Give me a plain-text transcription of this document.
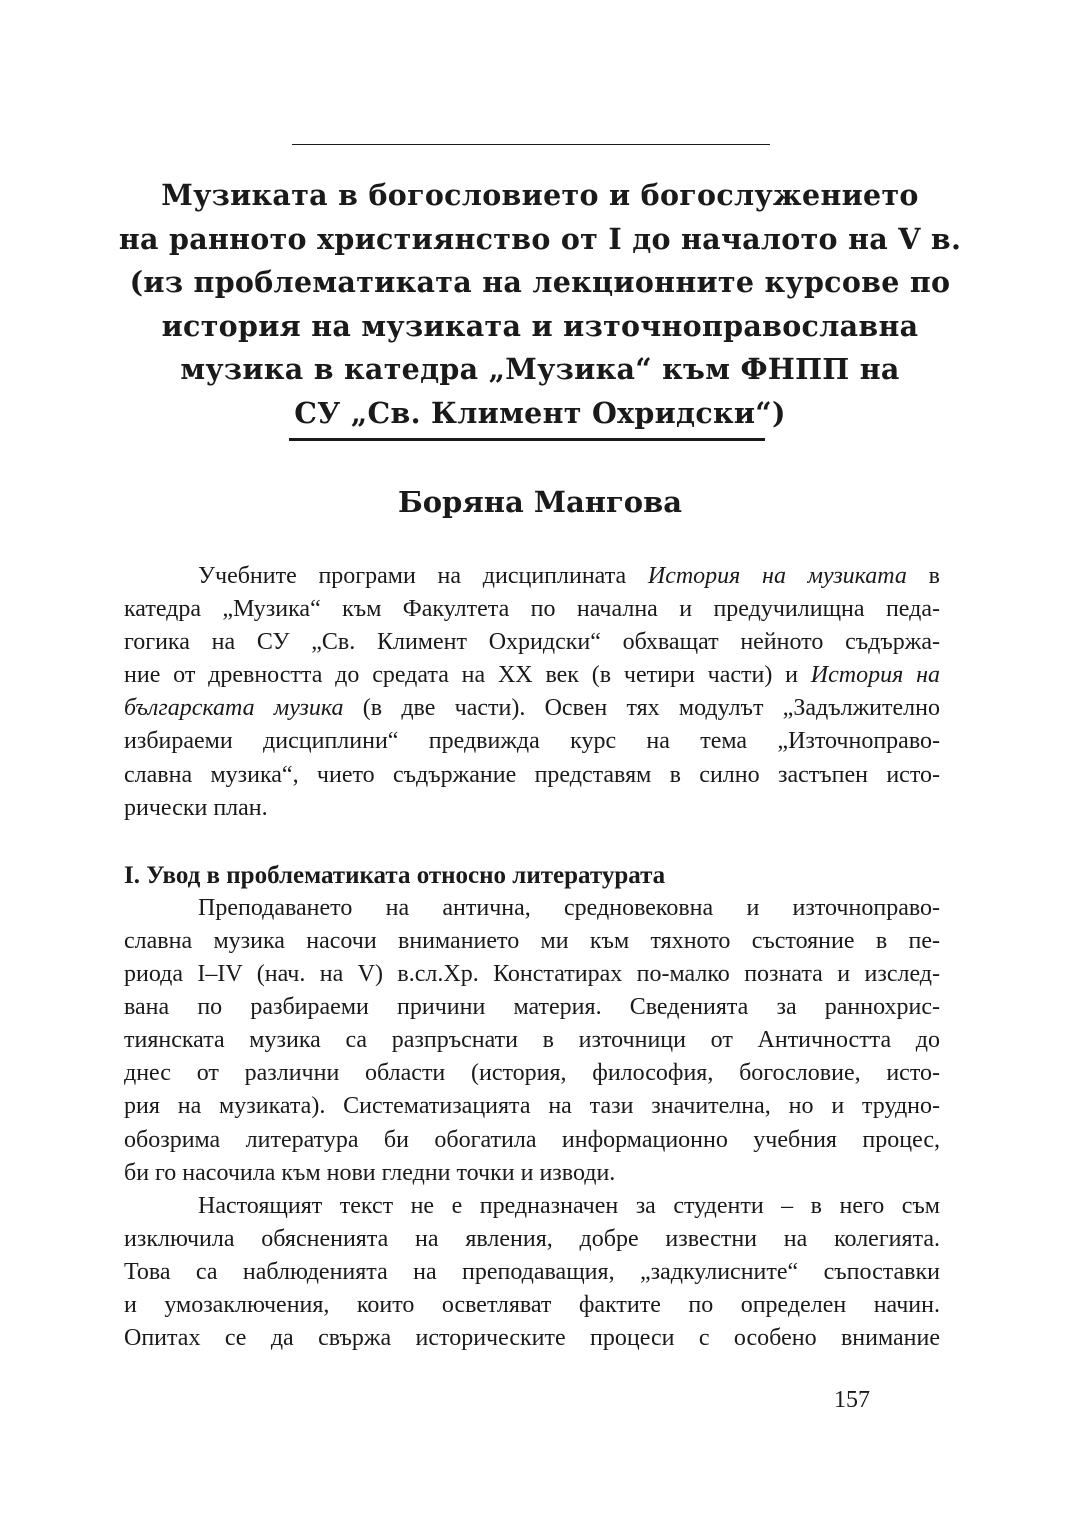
Музиката в богословието и богослужението
на ранното християнство от I до началото на V в.
(из проблематиката на лекционните курсове по
история на музиката и източноправославна
музика в катедра „Музика“ към ФНПП на
СУ „Св. Климент Охридски“)
Боряна Мангова
Учебните програми на дисциплината История на музиката в
катедра „Музика“ към Факултета по начална и предучилищна педа-
гогика на СУ „Св. Климент Охридски“ обхващат нейното съдържа-
ние от древността до средата на XX век (в четири части) и История на
българската музика (в две части). Освен тях модулът „Задължително
избираеми дисциплини“ предвижда курс на тема „Източноправо-
славна музика“, чието съдържание представям в силно застъпен исто-
рически план.
I. Увод в проблематиката относно литературата
Преподаването на антична, средновековна и източноправо-
славна музика насочи вниманието ми към тяхното състояние в пе-
риода I–IV (нач. на V) в.сл.Хр. Констатирах по-малко позната и изслед-
вана по разбираеми причини материя. Сведенията за раннохрис-
тиянската музика са разпръснати в източници от Античността до
днес от различни области (история, философия, богословие, исто-
рия на музиката). Систематизацията на тази значителна, но и трудно-
обозрима литература би обогатила информационно учебния процес,
би го насочила към нови гледни точки и изводи.
Настоящият текст не е предназначен за студенти – в него съм
изключила обясненията на явления, добре известни на колегията.
Това са наблюденията на преподаващия, „задкулисните“ съпоставки
и умозаключения, които осветляват фактите по определен начин.
Опитах се да свържа историческите процеси с особено внимание
157
